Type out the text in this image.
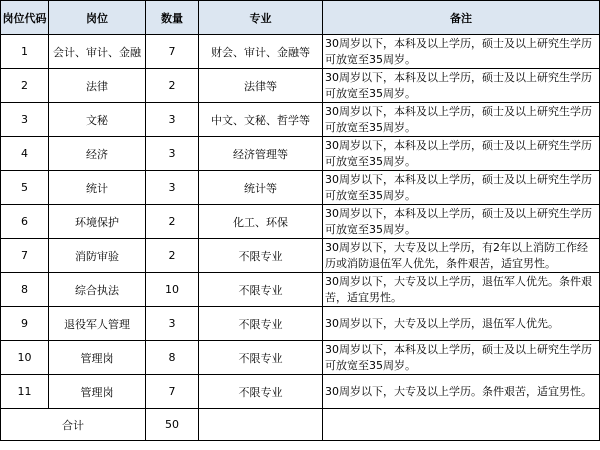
岗位代码	岗位	数量	专业	备注
1	会计、审计、金融	7	财会、审计、金融等	30周岁以下，本科及以上学历，硕士及以上研究生学历可放宽至35周岁。
2	法律	2	法律等	30周岁以下，本科及以上学历，硕士及以上研究生学历可放宽至35周岁。
3	文秘	3	中文、文秘、哲学等	30周岁以下，本科及以上学历，硕士及以上研究生学历可放宽至35周岁。
4	经济	3	经济管理等	30周岁以下，本科及以上学历，硕士及以上研究生学历可放宽至35周岁。
5	统计	3	统计等	30周岁以下，本科及以上学历，硕士及以上研究生学历可放宽至35周岁。
6	环境保护	2	化工、环保	30周岁以下，本科及以上学历，硕士及以上研究生学历可放宽至35周岁。
7	消防审验	2	不限专业	30周岁以下，大专及以上学历，有2年以上消防工作经历或消防退伍军人优先，条件艰苦，适宜男性。
8	综合执法	10	不限专业	30周岁以下，大专及以上学历，退伍军人优先。条件艰苦，适宜男性。
9	退役军人管理	3	不限专业	30周岁以下，大专及以上学历，退伍军人优先。
10	管理岗	8	不限专业	30周岁以下，本科及以上学历，硕士及以上研究生学历可放宽至35周岁。
11	管理岗	7	不限专业	30周岁以下，大专及以上学历。条件艰苦，适宜男性。
合计		50		
